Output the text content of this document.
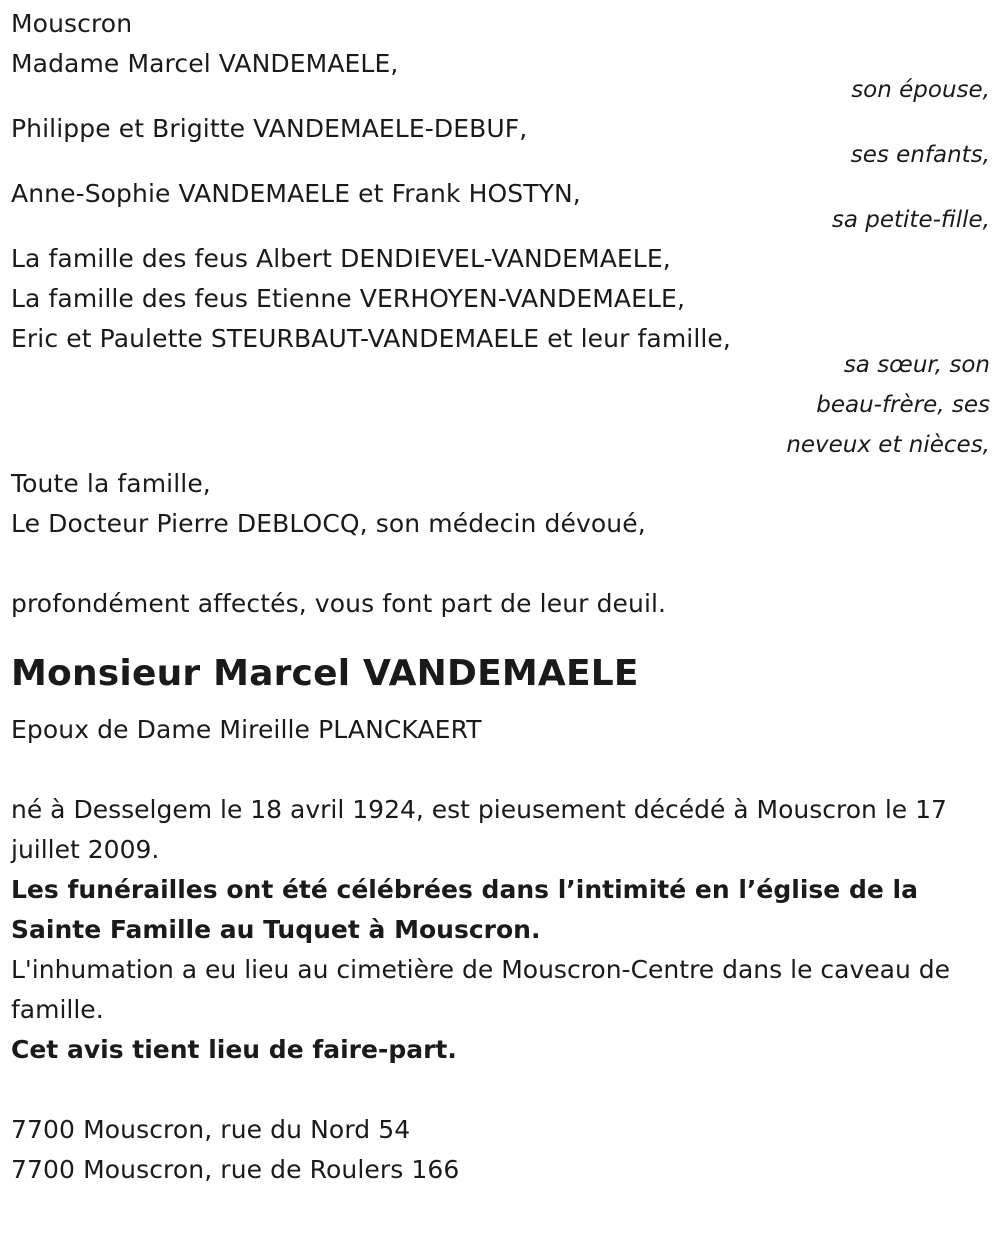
Mouscron
Madame Marcel VANDEMAELE,
son épouse,
Philippe et Brigitte VANDEMAELE-DEBUF,
ses enfants,
Anne-Sophie VANDEMAELE et Frank HOSTYN,
sa petite-fille,
La famille des feus Albert DENDIEVEL-VANDEMAELE,
La famille des feus Etienne VERHOYEN-VANDEMAELE,
Eric et Paulette STEURBAUT-VANDEMAELE et leur famille,
sa sœur, son
beau-frère, ses
neveux et nièces,
Toute la famille,
Le Docteur Pierre DEBLOCQ, son médecin dévoué,
profondément affectés, vous font part de leur deuil.
Monsieur Marcel VANDEMAELE
Epoux de Dame Mireille PLANCKAERT
né à Desselgem le 18 avril 1924, est pieusement décédé à Mouscron le 17 juillet 2009.
Les funérailles ont été célébrées dans l’intimité en l’église de la Sainte Famille au Tuquet à Mouscron.
L'inhumation a eu lieu au cimetière de Mouscron-Centre dans le caveau de famille.
Cet avis tient lieu de faire-part.
7700 Mouscron, rue du Nord 54
7700 Mouscron, rue de Roulers 166
